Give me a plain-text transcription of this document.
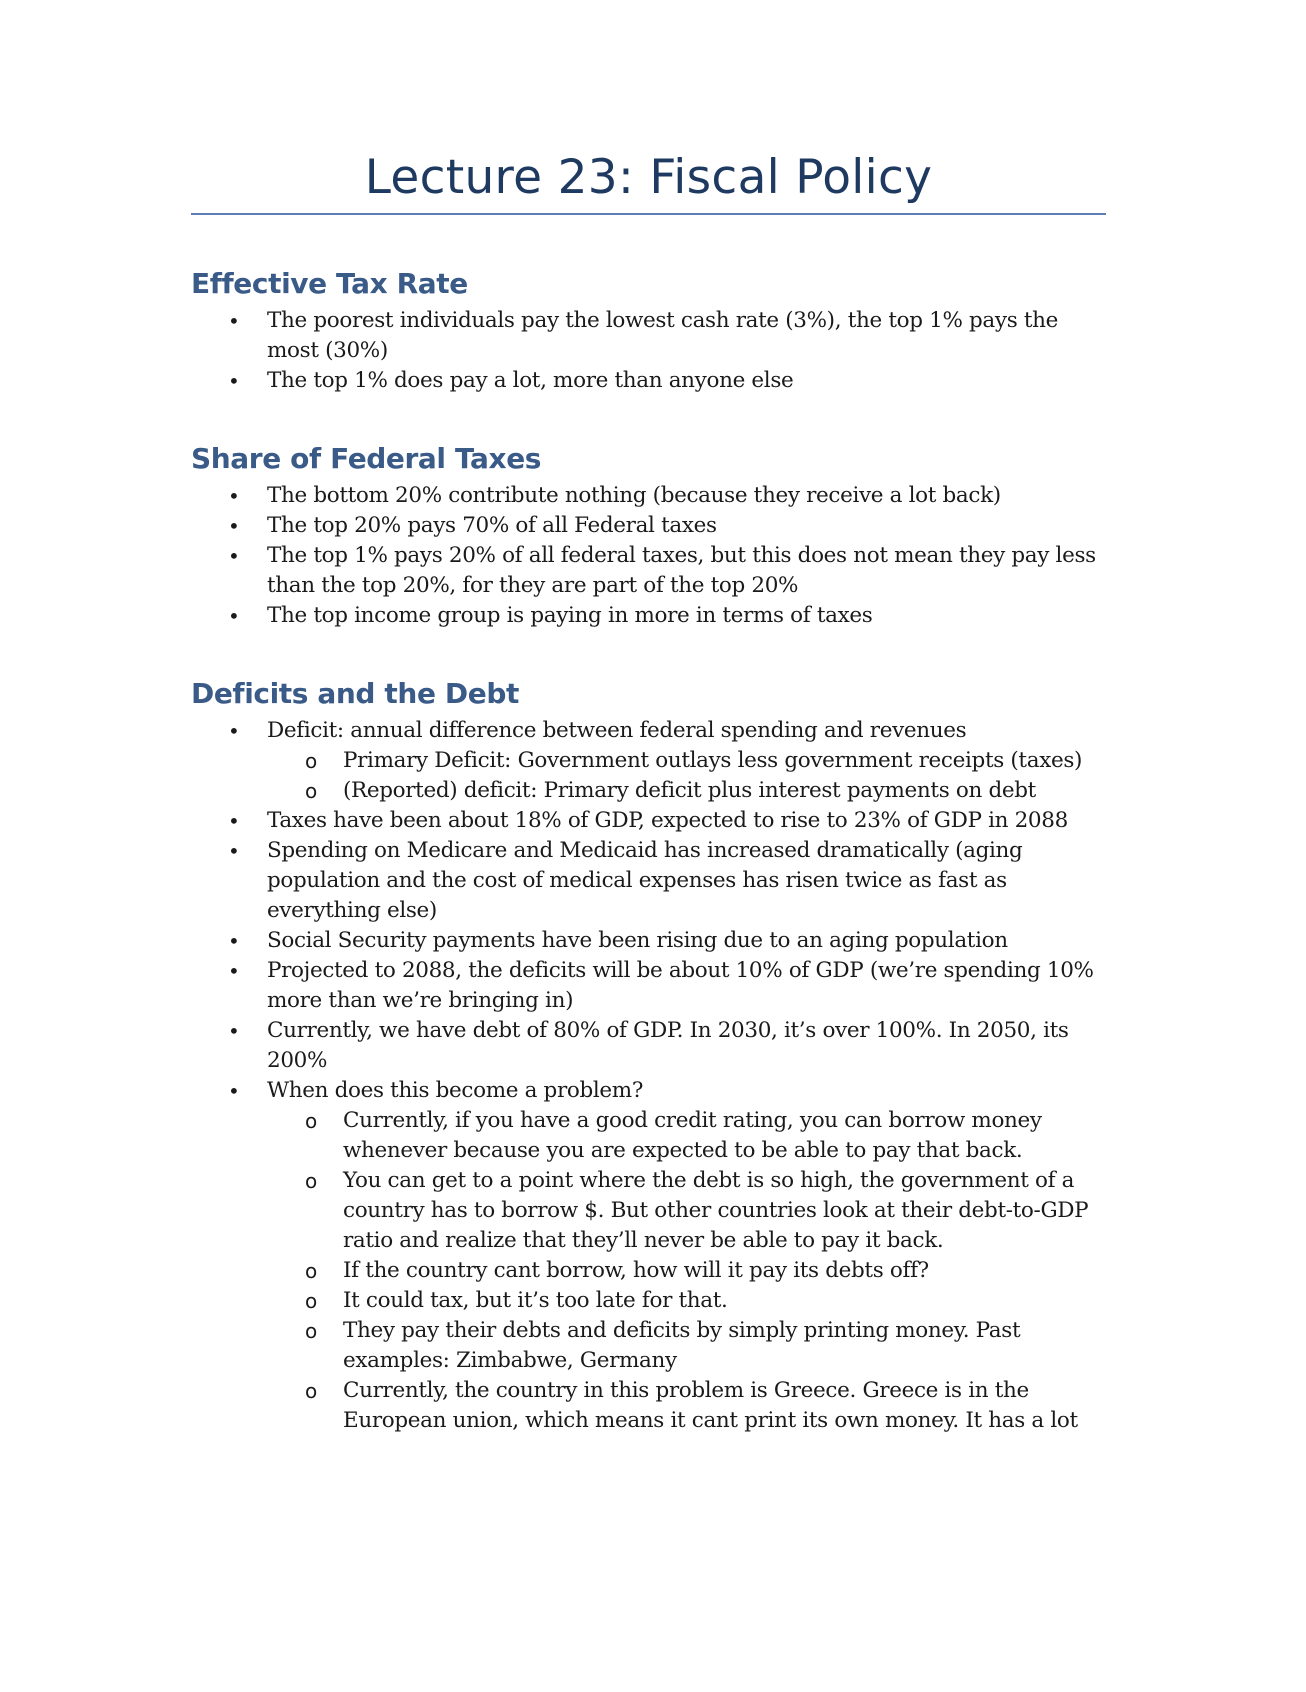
Lecture 23: Fiscal Policy
Effective Tax Rate
• The poorest individuals pay the lowest cash rate (3%), the top 1% pays the most (30%)
• The top 1% does pay a lot, more than anyone else
Share of Federal Taxes
• The bottom 20% contribute nothing (because they receive a lot back)
• The top 20% pays 70% of all Federal taxes
• The top 1% pays 20% of all federal taxes, but this does not mean they pay less than the top 20%, for they are part of the top 20%
• The top income group is paying in more in terms of taxes
Deficits and the Debt
• Deficit: annual difference between federal spending and revenues
o Primary Deficit: Government outlays less government receipts (taxes)
o (Reported) deficit: Primary deficit plus interest payments on debt
• Taxes have been about 18% of GDP, expected to rise to 23% of GDP in 2088
• Spending on Medicare and Medicaid has increased dramatically (aging population and the cost of medical expenses has risen twice as fast as everything else)
• Social Security payments have been rising due to an aging population
• Projected to 2088, the deficits will be about 10% of GDP (we’re spending 10% more than we’re bringing in)
• Currently, we have debt of 80% of GDP. In 2030, it’s over 100%. In 2050, its 200%
• When does this become a problem?
o Currently, if you have a good credit rating, you can borrow money whenever because you are expected to be able to pay that back.
o You can get to a point where the debt is so high, the government of a country has to borrow $. But other countries look at their debt-to-GDP ratio and realize that they’ll never be able to pay it back.
o If the country cant borrow, how will it pay its debts off?
o It could tax, but it’s too late for that.
o They pay their debts and deficits by simply printing money. Past examples: Zimbabwe, Germany
o Currently, the country in this problem is Greece. Greece is in the European union, which means it cant print its own money. It has a lot
